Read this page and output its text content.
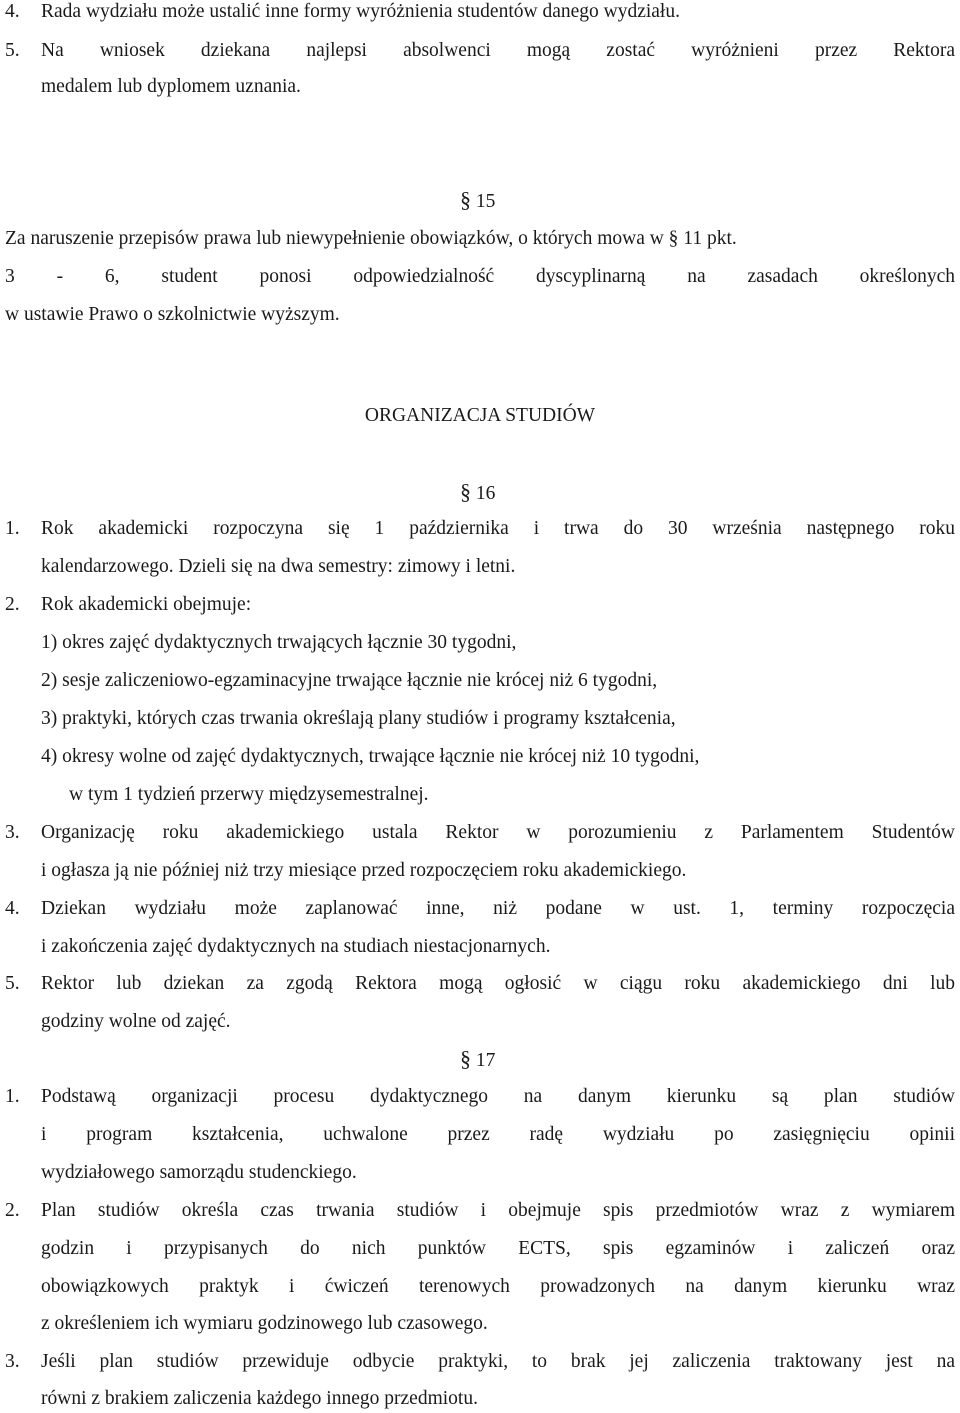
4. Rada wydziału może ustalić inne formy wyróżnienia studentów danego wydziału.
5. Na wniosek dziekana najlepsi absolwenci mogą zostać wyróżnieni przez Rektora
medalem lub dyplomem uznania.
§ 15
Za naruszenie przepisów prawa lub niewypełnienie obowiązków, o których mowa w § 11 pkt.
3 - 6, student ponosi odpowiedzialność dyscyplinarną na zasadach określonych
w ustawie Prawo o szkolnictwie wyższym.
ORGANIZACJA STUDIÓW
§ 16
1. Rok akademicki rozpoczyna się 1 października i trwa do 30 września następnego roku
kalendarzowego. Dzieli się na dwa semestry: zimowy i letni.
2. Rok akademicki obejmuje:
1) okres zajęć dydaktycznych trwających łącznie 30 tygodni,
2) sesje zaliczeniowo-egzaminacyjne trwające łącznie nie krócej niż 6 tygodni,
3) praktyki, których czas trwania określają plany studiów i programy kształcenia,
4) okresy wolne od zajęć dydaktycznych, trwające łącznie nie krócej niż 10 tygodni,
w tym 1 tydzień przerwy międzysemestralnej.
3. Organizację roku akademickiego ustala Rektor w porozumieniu z Parlamentem Studentów
i ogłasza ją nie później niż trzy miesiące przed rozpoczęciem roku akademickiego.
4. Dziekan wydziału może zaplanować inne, niż podane w ust. 1, terminy rozpoczęcia
i zakończenia zajęć dydaktycznych na studiach niestacjonarnych.
5. Rektor lub dziekan za zgodą Rektora mogą ogłosić w ciągu roku akademickiego dni lub
godziny wolne od zajęć.
§ 17
1. Podstawą organizacji procesu dydaktycznego na danym kierunku są plan studiów
i program kształcenia, uchwalone przez radę wydziału po zasięgnięciu opinii
wydziałowego samorządu studenckiego.
2. Plan studiów określa czas trwania studiów i obejmuje spis przedmiotów wraz z wymiarem
godzin i przypisanych do nich punktów ECTS, spis egzaminów i zaliczeń oraz
obowiązkowych praktyk i ćwiczeń terenowych prowadzonych na danym kierunku wraz
z określeniem ich wymiaru godzinowego lub czasowego.
3. Jeśli plan studiów przewiduje odbycie praktyki, to brak jej zaliczenia traktowany jest na
równi z brakiem zaliczenia każdego innego przedmiotu.
